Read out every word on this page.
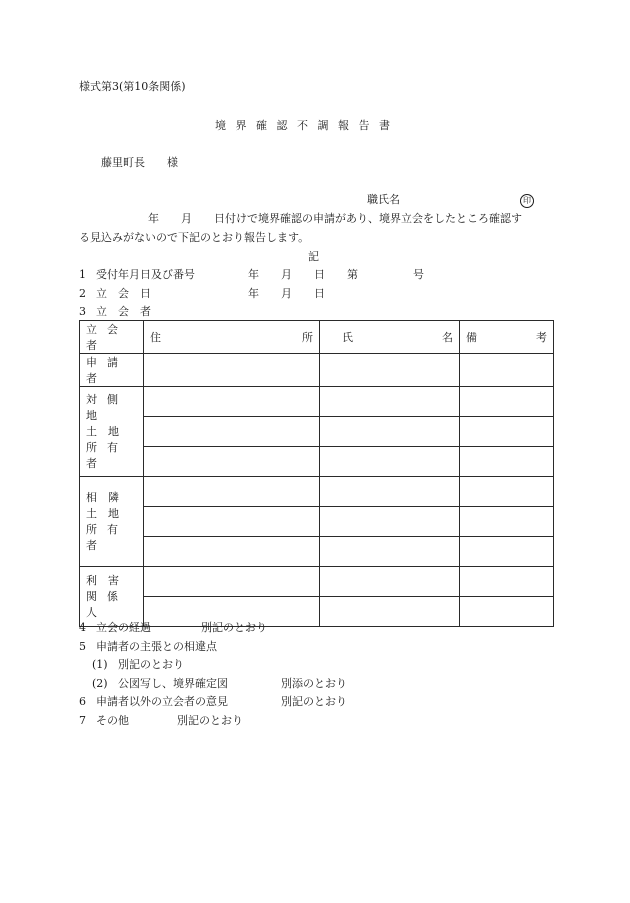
様式第3(第10条関係)
境 界 確 認 不 調 報 告 書
藤里町長　　様
職氏名	印
年　　月　　日付けで境界確認の申請があり、境界立会をしたところ確認す
る見込みがないので下記のとおり報告します。
記
1 受付年月日及び番号	年　　月　　日　　第　　　　　号
2 立　会　日	年　　月　　日
3 立　会　者
立会者	住 所	氏 名	備 考

申請者			

対側地
土　地
所有者			

相　隣
土　地
所有者			

利　害
関係人			

4 立会の経過	別記のとおり
5 申請者の主張との相違点
(1) 別記のとおり
(2) 公図写し、境界確定図	別添のとおり
6 申請者以外の立会者の意見	別記のとおり
7 その他	別記のとおり
